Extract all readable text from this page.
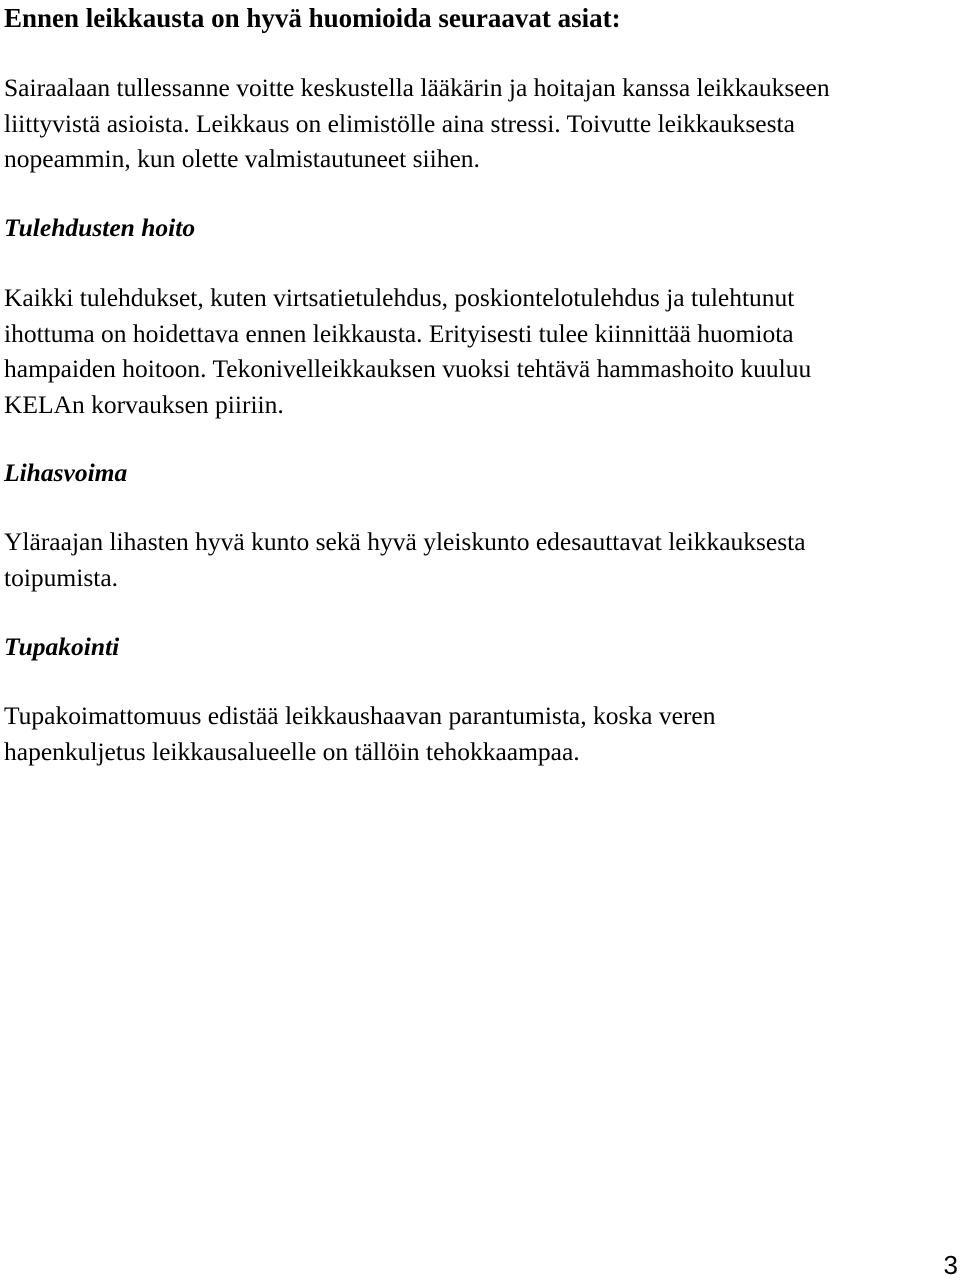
Ennen leikkausta on hyvä huomioida seuraavat asiat:

Sairaalaan tullessanne voitte keskustella lääkärin ja hoitajan kanssa leikkaukseen
liittyvistä asioista. Leikkaus on elimistölle aina stressi. Toivutte leikkauksesta
nopeammin, kun olette valmistautuneet siihen.

Tulehdusten hoito

Kaikki tulehdukset, kuten virtsatietulehdus, poskiontelotulehdus ja tulehtunut
ihottuma on hoidettava ennen leikkausta. Erityisesti tulee kiinnittää huomiota
hampaiden hoitoon. Tekonivelleikkauksen vuoksi tehtävä hammashoito kuuluu
KELAn korvauksen piiriin.

Lihasvoima

Yläraajan lihasten hyvä kunto sekä hyvä yleiskunto edesauttavat leikkauksesta
toipumista.

Tupakointi

Tupakoimattomuus edistää leikkaushaavan parantumista, koska veren
hapenkuljetus leikkausalueelle on tällöin tehokkaampaa.

3
